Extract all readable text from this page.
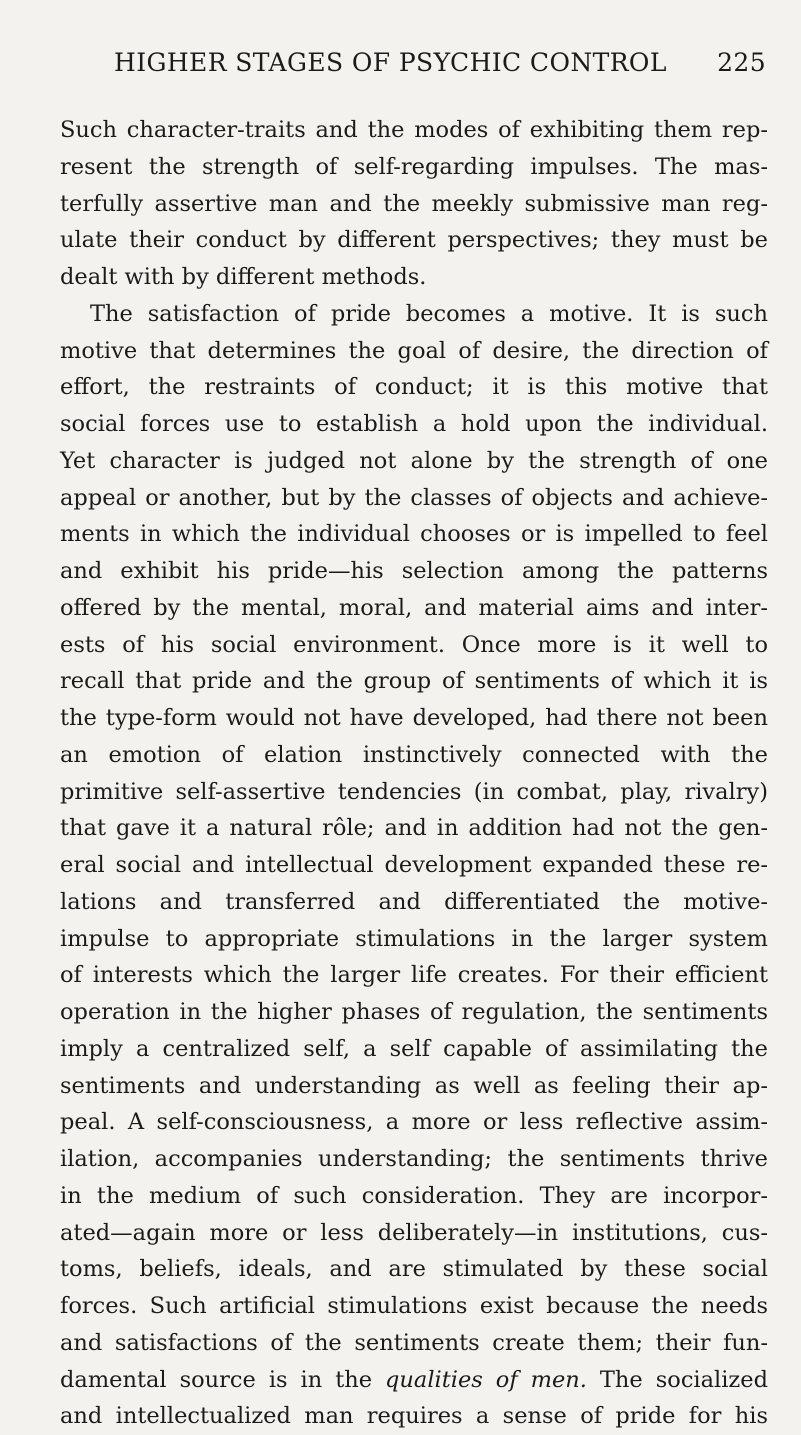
HIGHER STAGES OF PSYCHIC CONTROL 225
Such character-traits and the modes of exhibiting them rep-
resent the strength of self-regarding impulses. The mas-
terfully assertive man and the meekly submissive man reg-
ulate their conduct by different perspectives; they must be
dealt with by different methods.
The satisfaction of pride becomes a motive. It is such
motive that determines the goal of desire, the direction of
effort, the restraints of conduct; it is this motive that
social forces use to establish a hold upon the individual.
Yet character is judged not alone by the strength of one
appeal or another, but by the classes of objects and achieve-
ments in which the individual chooses or is impelled to feel
and exhibit his pride—his selection among the patterns
offered by the mental, moral, and material aims and inter-
ests of his social environment. Once more is it well to
recall that pride and the group of sentiments of which it is
the type-form would not have developed, had there not been
an emotion of elation instinctively connected with the
primitive self-assertive tendencies (in combat, play, rivalry)
that gave it a natural rôle; and in addition had not the gen-
eral social and intellectual development expanded these re-
lations and transferred and differentiated the motive-
impulse to appropriate stimulations in the larger system
of interests which the larger life creates. For their efficient
operation in the higher phases of regulation, the sentiments
imply a centralized self, a self capable of assimilating the
sentiments and understanding as well as feeling their ap-
peal. A self-consciousness, a more or less reflective assim-
ilation, accompanies understanding; the sentiments thrive
in the medium of such consideration. They are incorpor-
ated—again more or less deliberately—in institutions, cus-
toms, beliefs, ideals, and are stimulated by these social
forces. Such artificial stimulations exist because the needs
and satisfactions of the sentiments create them; their fun-
damental source is in the qualities of men. The socialized
and intellectualized man requires a sense of pride for his
